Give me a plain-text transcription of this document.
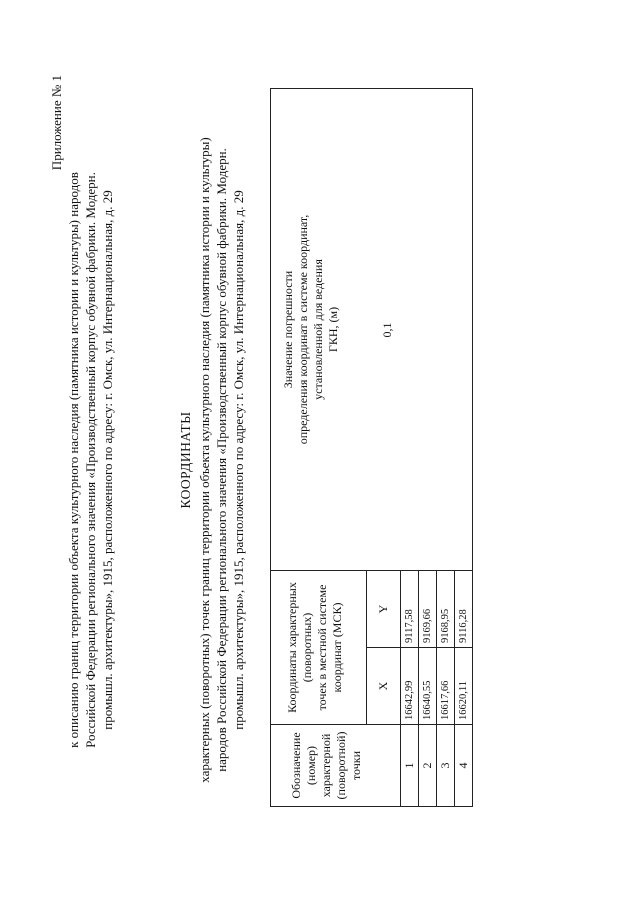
Приложение № 1
к описанию границ территории объекта культурного наследия (памятника истории и культуры) народов Российской Федерации регионального значения «Производственный корпус обувной фабрики. Модерн. промышл. архитектуры», 1915, расположенного по адресу: г. Омск, ул. Интернациональная, д. 29	КООРДИНАТЫ характерных (поворотных) точек границ территории объекта культурного наследия (памятника истории и культуры) народов Российской Федерации регионального значения «Производственный корпус обувной фабрики. Модерн. промышл. архитектуры», 1915, расположенного по адресу: г. Омск, ул. Интернациональная, д. 29
Обозначение (номер) характерной (поворотной) точки	Координаты характерных (поворотных) точек в местной системе координат (МСК)		Значение погрешности определения координат в системе координат, установленной для ведения ГКН, (м)

	X	Y	
1	16642,99	9117,58	
2	16640,55	9169,66	
3	16617,66	9168,95	
4	16620,11	9116,28	
0,1
